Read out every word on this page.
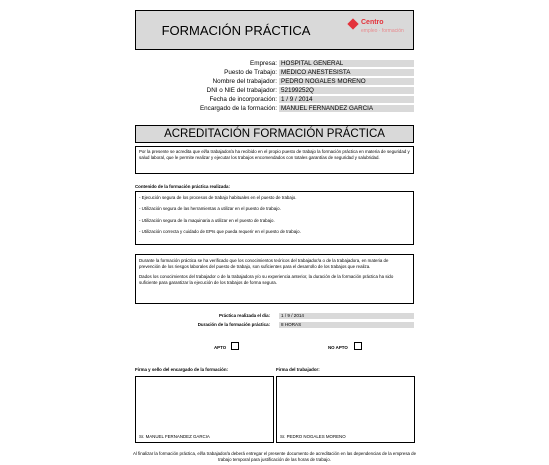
FORMACIÓN PRÁCTICA
Centro
empleo · formación
Empresa: HOSPITAL GENERAL
Puesto de Trabajo: MÉDICO ANESTESISTA
Nombre del trabajador: PEDRO NOGALES MORENO
DNI o NIE del trabajador: 52199252Q
Fecha de incorporación: 1 / 9 / 2014
Encargado de la formación: MANUEL FERNANDEZ GARCIA
ACREDITACIÓN FORMACIÓN PRÁCTICA
Por la presente se acredita que el/la trabajador/a ha recibido en el propio puesto de trabajo la formación práctica en materia de seguridad y salud laboral, que le permite realizar y ejecutar los trabajos encomendados con totales garantías de seguridad y salubridad.
Contenido de la formación práctica realizada:
- Ejecución segura de los procesos de trabajo habituales en el puesto de trabajo.
- Utilización segura de las herramientas a utilizar en el puesto de trabajo.
- Utilización segura de la maquinaria a utilizar en el puesto de trabajo.
- Utilización correcta y cuidado de EPIs que pueda requerir en el puesto de trabajo.
Durante la formación práctica se ha verificado que los conocimientos teóricos del trabajador/a o de la trabajadora, en materia de prevención de los riesgos laborales del puesto de trabajo, son suficientes para el desarrollo de los trabajos que realiza.
Dados los conocimientos del trabajador o de la trabajadora y/o su experiencia anterior, la duración de la formación práctica ha sido suficiente para garantizar la ejecución de los trabajos de forma segura.
Práctica realizada el día:	1 / 9 / 2014
Duración de la formación práctica:	8 HORAS
APTO	NO APTO
Firma y sello del encargado de la formación:	Firma del trabajador:
Sr. MANUEL FERNANDEZ GARCIA	Sr. PEDRO NOGALES MORENO
Al finalizar la formación práctica, el/la trabajador/a deberá entregar el presente documento de acreditación en las dependencias de la empresa de trabajo temporal para justificación de las horas de trabajo.
